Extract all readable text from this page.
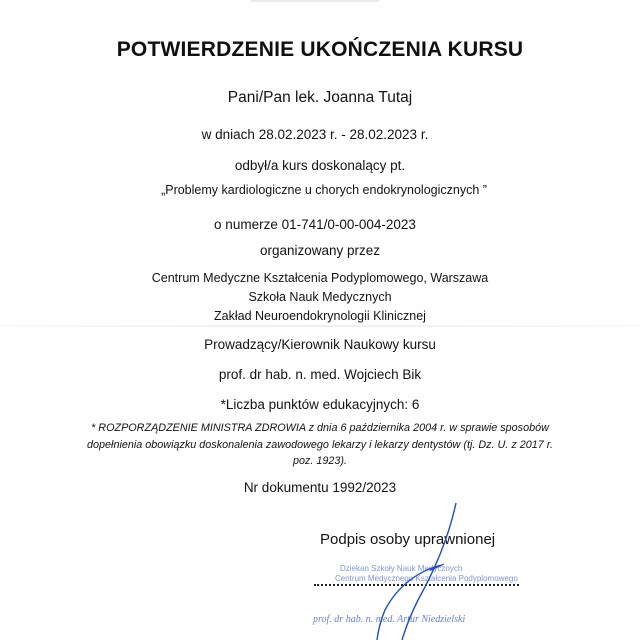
POTWIERDZENIE UKOŃCZENIA KURSU
Pani/Pan lek. Joanna Tutaj
w dniach 28.02.2023 r. - 28.02.2023 r.
odbył/a kurs doskonalący pt.
„Problemy kardiologiczne u chorych endokrynologicznych ”
o numerze 01-741/0-00-004-2023
organizowany przez
Centrum Medyczne Kształcenia Podyplomowego, Warszawa
Szkoła Nauk Medycznych
Zakład Neuroendokrynologii Klinicznej
Prowadzący/Kierownik Naukowy kursu
prof. dr hab. n. med. Wojciech Bik
*Liczba punktów edukacyjnych: 6
* ROZPORZĄDZENIE MINISTRA ZDROWIA z dnia 6 października 2004 r. w sprawie sposobów
dopełnienia obowiązku doskonalenia zawodowego lekarzy i lekarzy dentystów (tj. Dz. U. z 2017 r.
poz. 1923).
Nr dokumentu 1992/2023
Podpis osoby uprawnionej
Dziekan Szkoły Nauk Medycznych
Centrum Medycznego Kształcenia Podyplomowego
prof. dr hab. n. med. Artur Niedzielski
